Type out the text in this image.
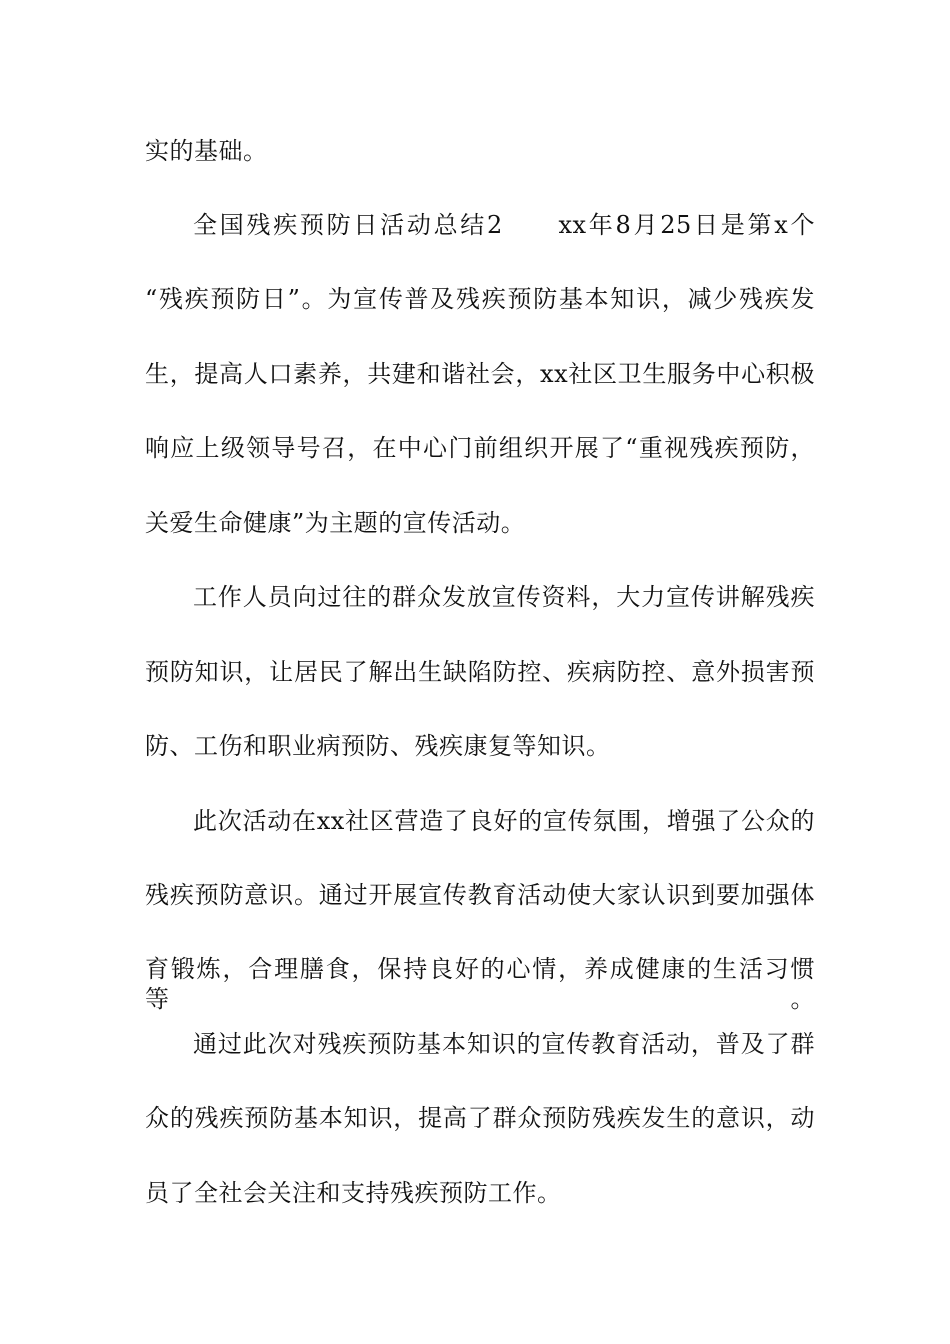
实的基础。
全国残疾预防日活动总结2　　xx年8月25日是第x个
“残疾预防日”。为宣传普及残疾预防基本知识，减少残疾发
生，提高人口素养，共建和谐社会，xx社区卫生服务中心积极
响应上级领导号召，在中心门前组织开展了“重视残疾预防，
关爱生命健康”为主题的宣传活动。
工作人员向过往的群众发放宣传资料，大力宣传讲解残疾
预防知识，让居民了解出生缺陷防控、疾病防控、意外损害预
防、工伤和职业病预防、残疾康复等知识。
此次活动在xx社区营造了良好的宣传氛围，增强了公众的
残疾预防意识。通过开展宣传教育活动使大家认识到要加强体
育锻炼，合理膳食，保持良好的心情，养成健康的生活习惯等。
通过此次对残疾预防基本知识的宣传教育活动，普及了群
众的残疾预防基本知识，提高了群众预防残疾发生的意识，动
员了全社会关注和支持残疾预防工作。
